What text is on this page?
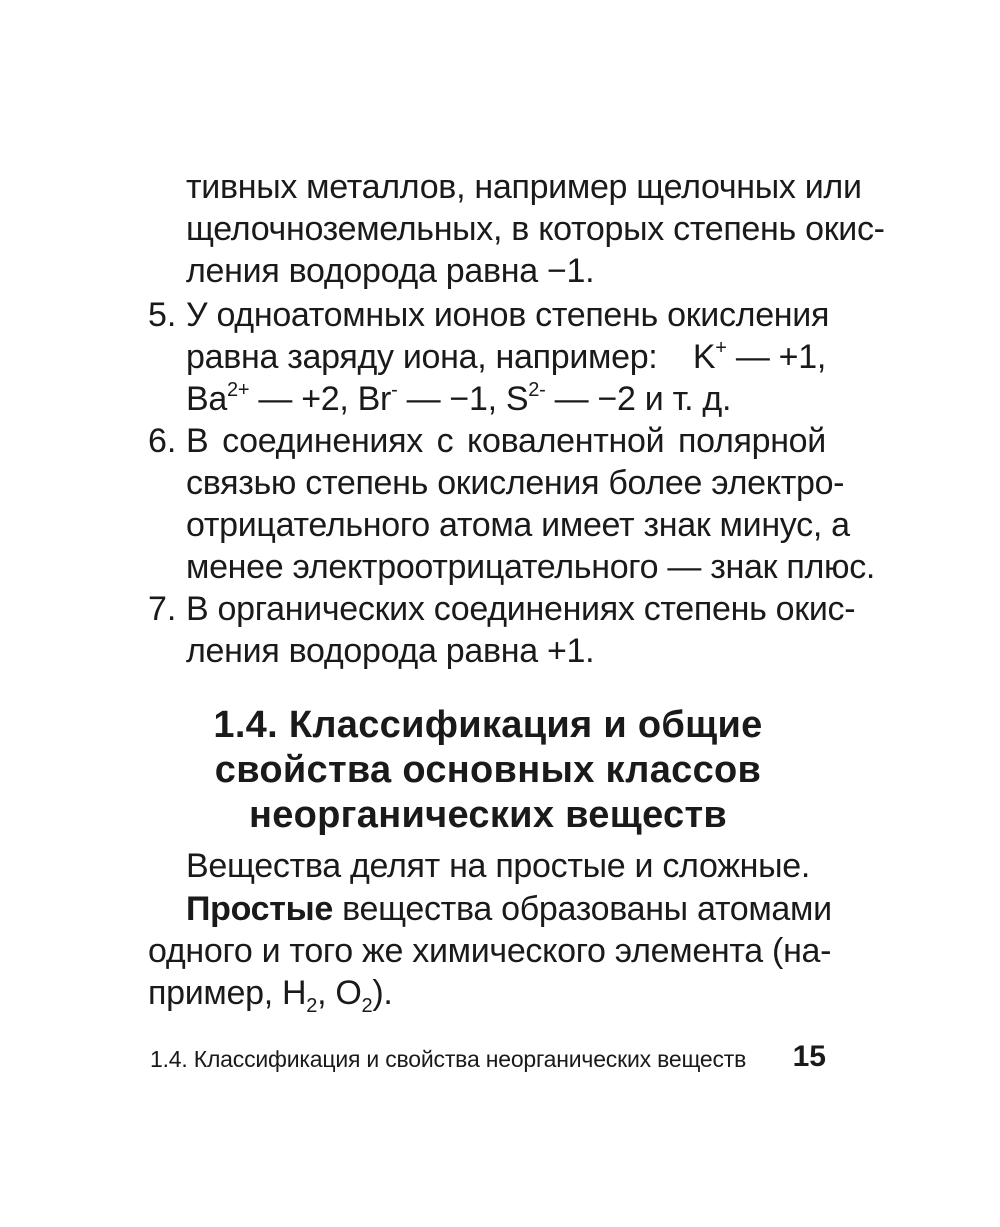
тивных металлов, например щелочных или
щелочноземельных, в которых степень окис-
ления водорода равна −1.
5. У одноатомных ионов степень окисления
равна заряду иона, например: K+ — +1,
$Ba^{2+}$ — +2, Br- — −1, $S^{2-}$ — −2 и т. д.
6. В соединениях с ковалентной полярной
связью степень окисления более электро-
отрицательного атома имеет знак минус, а
менее электроотрицательного — знак плюс.
7. В органических соединениях степень окис-
ления водорода равна +1.
1.4. Классификация и общие
свойства основных классов
неорганических веществ
Вещества делят на простые и сложные.
Простые вещества образованы атомами
одного и того же химического элемента (на-
пример, $H_2$, $O_2$).
1.4. Классификация и свойства неорганических веществ 15
